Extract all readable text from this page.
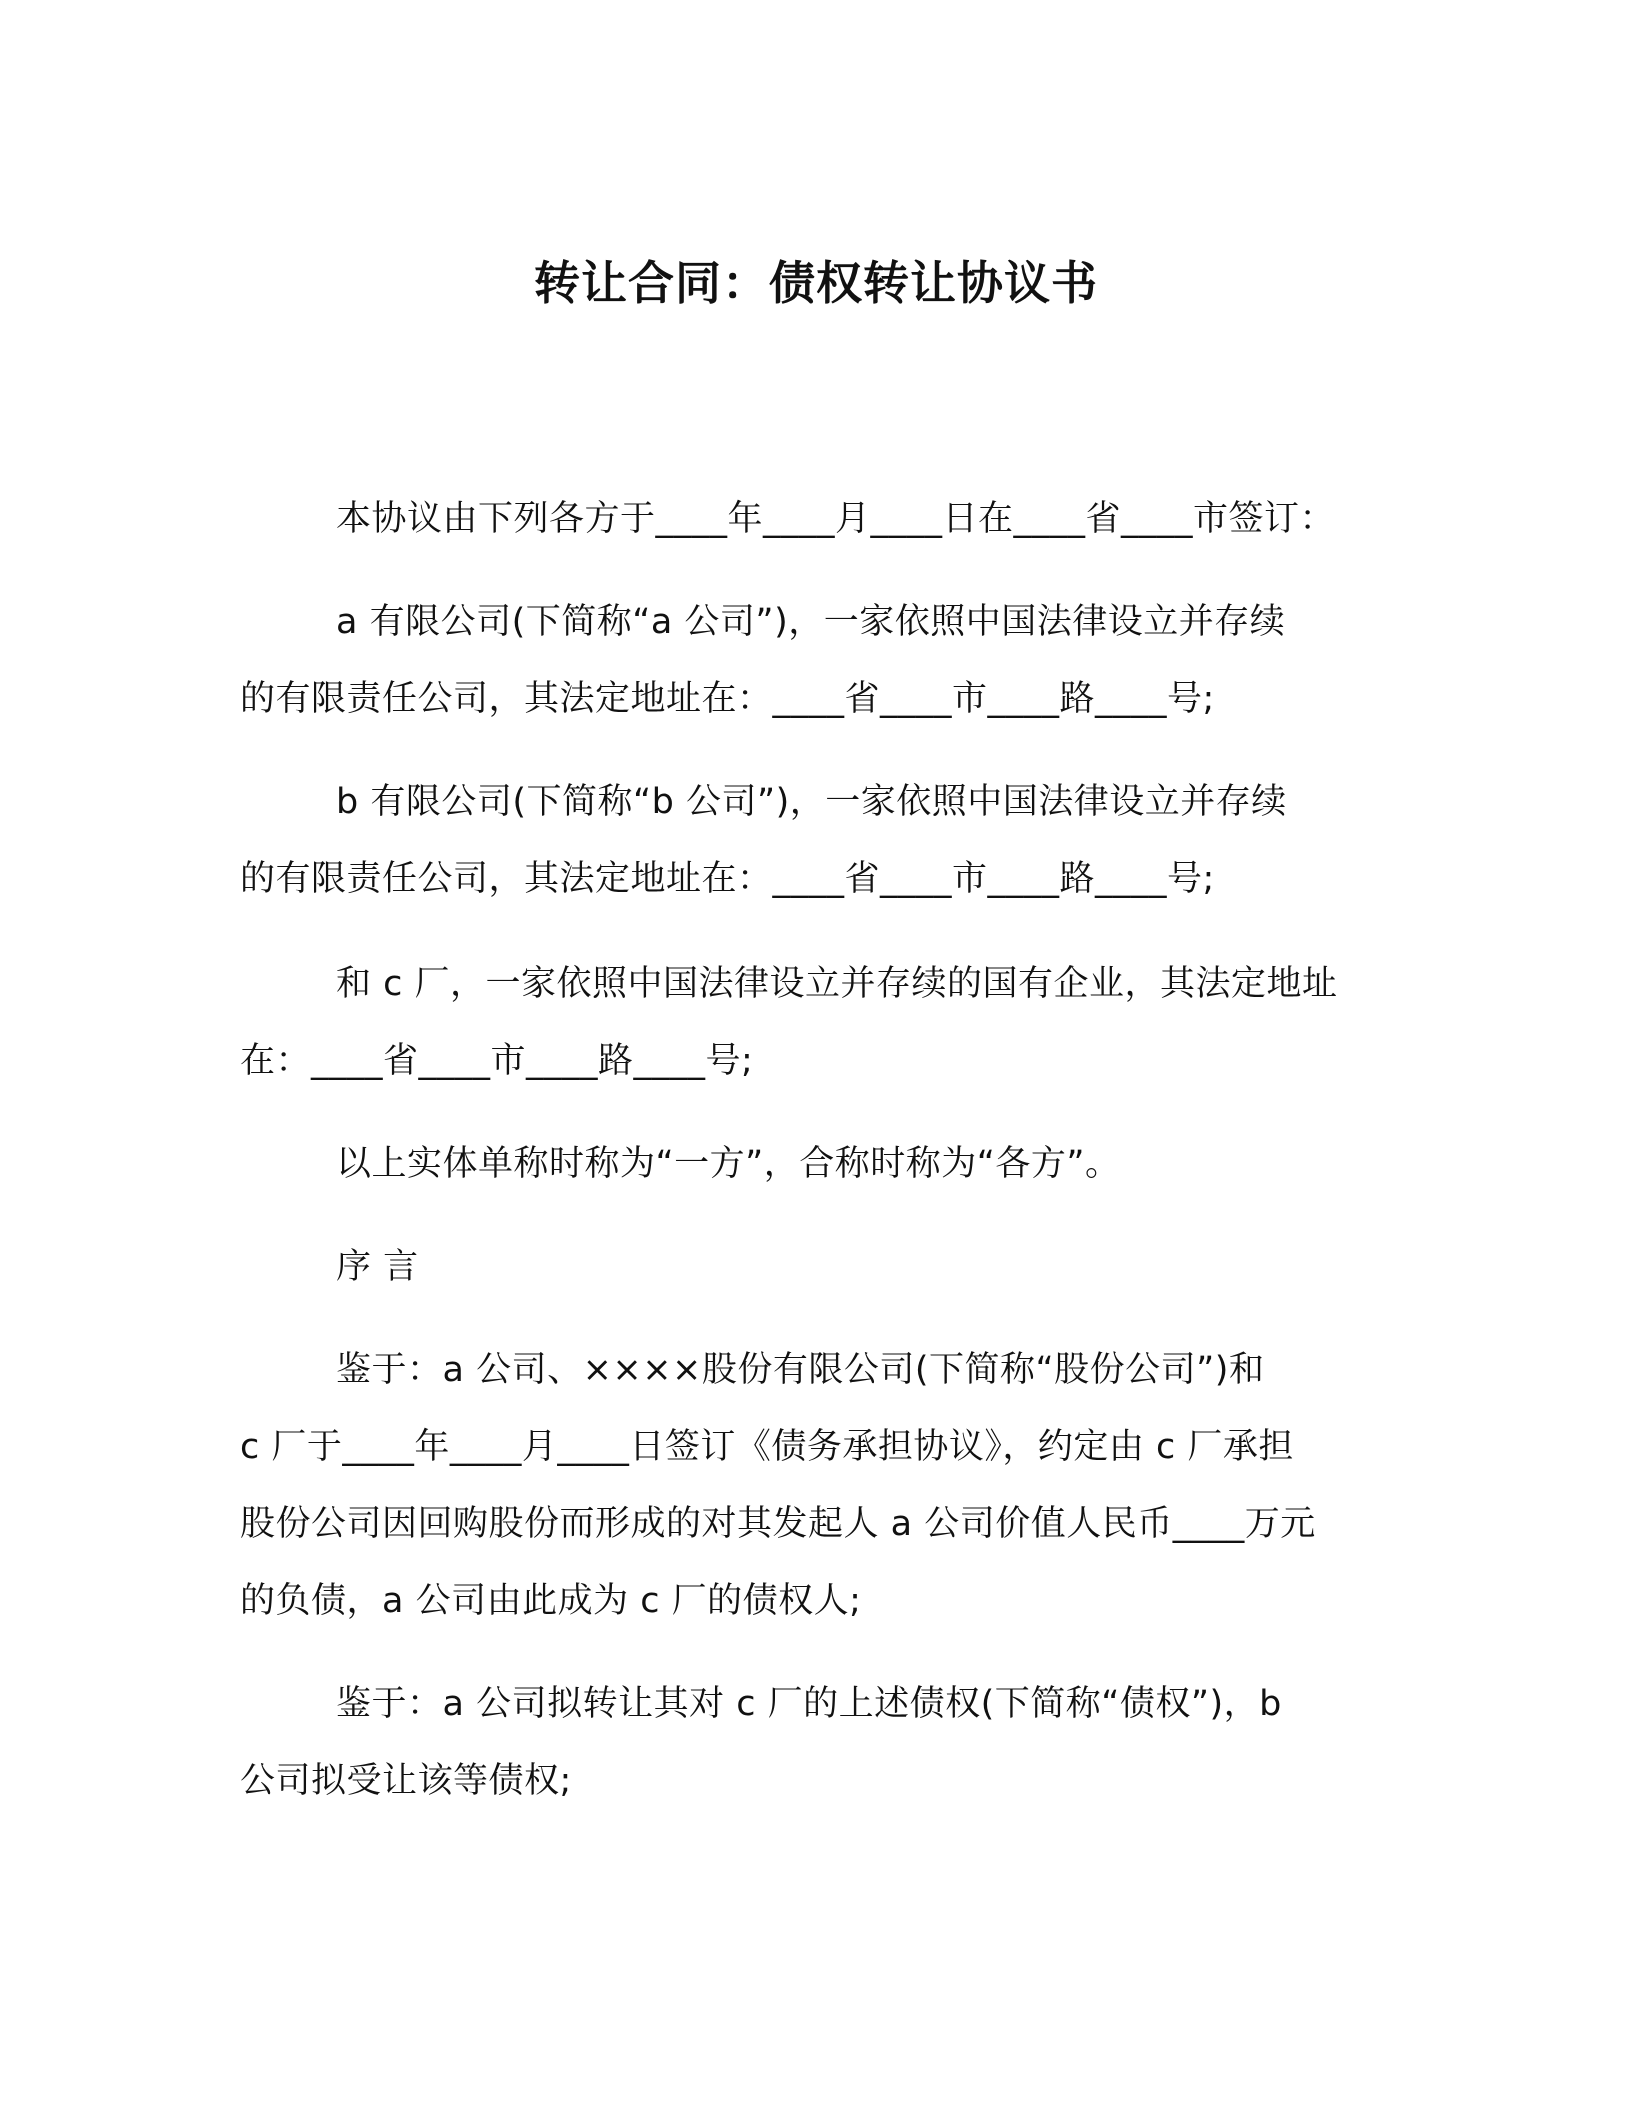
转让合同：债权转让协议书

本协议由下列各方于____年____月____日在____省____市签订：

a 有限公司(下简称“a 公司”)，一家依照中国法律设立并存续
的有限责任公司，其法定地址在：____省____市____路____号;

b 有限公司(下简称“b 公司”)，一家依照中国法律设立并存续
的有限责任公司，其法定地址在：____省____市____路____号;

和 c 厂，一家依照中国法律设立并存续的国有企业，其法定地址
在：____省____市____路____号;

以上实体单称时称为“一方”，合称时称为“各方”。

序 言

鉴于：a 公司、××××股份有限公司(下简称“股份公司”)和
c 厂于____年____月____日签订《债务承担协议》，约定由 c 厂承担
股份公司因回购股份而形成的对其发起人 a 公司价值人民币____万元
的负债，a 公司由此成为 c 厂的债权人;

鉴于：a 公司拟转让其对 c 厂的上述债权(下简称“债权”)，b
公司拟受让该等债权;
